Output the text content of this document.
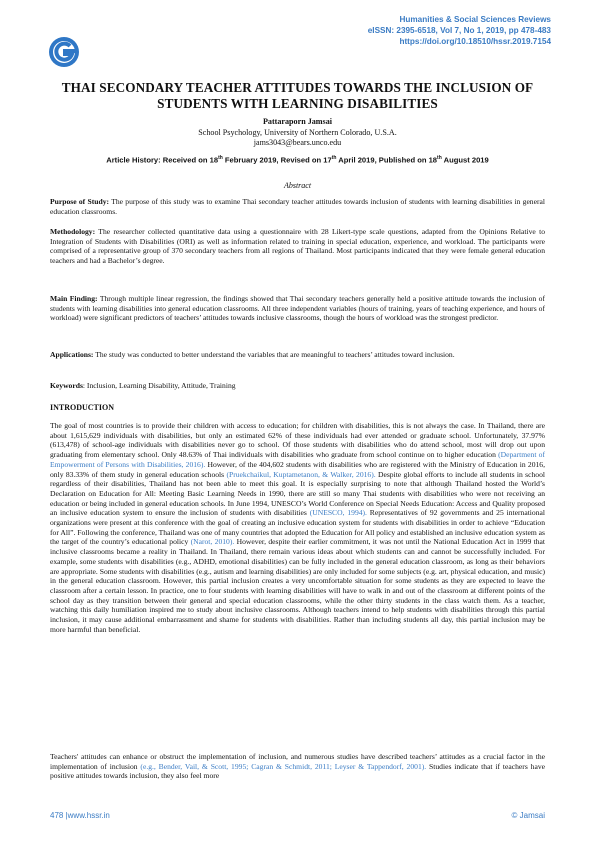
Humanities & Social Sciences Reviews
eISSN: 2395-6518, Vol 7, No 1, 2019, pp 478-483
https://doi.org/10.18510/hssr.2019.7154
THAI SECONDARY TEACHER ATTITUDES TOWARDS THE INCLUSION OF STUDENTS WITH LEARNING DISABILITIES
Pattaraporn Jamsai
School Psychology, University of Northern Colorado, U.S.A.
jams3043@bears.unco.edu
Article History: Received on 18th February 2019, Revised on 17th April 2019, Published on 18th August 2019
Abstract
Purpose of Study: The purpose of this study was to examine Thai secondary teacher attitudes towards inclusion of students with learning disabilities in general education classrooms.
Methodology: The researcher collected quantitative data using a questionnaire with 28 Likert-type scale questions, adapted from the Opinions Relative to Integration of Students with Disabilities (ORI) as well as information related to training in special education, experience, and workload. The participants were comprised of a representative group of 370 secondary teachers from all regions of Thailand. Most participants indicated that they were female general education teachers and had a Bachelor’s degree.
Main Finding: Through multiple linear regression, the findings showed that Thai secondary teachers generally held a positive attitude towards the inclusion of students with learning disabilities into general education classrooms. All three independent variables (hours of training, years of teaching experience, and hours of workload) were significant predictors of teachers’ attitudes towards inclusive classrooms, though the hours of workload was the strongest predictor.
Applications: The study was conducted to better understand the variables that are meaningful to teachers’ attitudes toward inclusion.
Keywords: Inclusion, Learning Disability, Attitude, Training
INTRODUCTION
The goal of most countries is to provide their children with access to education; for children with disabilities, this is not always the case. In Thailand, there are about 1,615,629 individuals with disabilities, but only an estimated 62% of these individuals had ever attended or graduate school. Unfortunately, 37.97% (613,478) of school-age individuals with disabilities never go to school. Of those students with disabilities who do attend school, most will drop out upon graduating from elementary school. Only 48.63% of Thai individuals with disabilities who graduate from school continue on to higher education (Department of Empowerment of Persons with Disabilities, 2016). However, of the 404,602 students with disabilities who are registered with the Ministry of Education in 2016, only 83.33% of them study in general education schools (Pruekchaikul, Kuptametanon, & Walker, 2016). Despite global efforts to include all students in school regardless of their disabilities, Thailand has not been able to meet this goal. It is especially surprising to note that although Thailand hosted the World’s Declaration on Education for All: Meeting Basic Learning Needs in 1990, there are still so many Thai students with disabilities who were not receiving an education or being included in general education schools. In June 1994, UNESCO’s World Conference on Special Needs Education: Access and Quality proposed an inclusive education system to ensure the inclusion of students with disabilities (UNESCO, 1994). Representatives of 92 governments and 25 international organizations were present at this conference with the goal of creating an inclusive education system for students with disabilities in order to achieve “Education for All”. Following the conference, Thailand was one of many countries that adopted the Education for All policy and established an inclusive education system as the target of the country’s educational policy (Narot, 2010). However, despite their earlier commitment, it was not until the National Education Act in 1999 that inclusive classrooms became a reality in Thailand. In Thailand, there remain various ideas about which students can and cannot be successfully included. For example, some students with disabilities (e.g., ADHD, emotional disabilities) can be fully included in the general education classroom, as long as their behaviors are appropriate. Some students with disabilities (e.g., autism and learning disabilities) are only included for some subjects (e.g. art, physical education, and music) in the general education classroom. However, this partial inclusion creates a very uncomfortable situation for some students as they are expected to leave the classroom after a certain lesson. In practice, one to four students with learning disabilities will have to walk in and out of the classroom at different points of the school day as they transition between their general and special education classrooms, while the other thirty students in the class watch them. As a teacher, watching this daily humiliation inspired me to study about inclusive classrooms. Although teachers intend to help students with disabilities through this partial inclusion, it may cause additional embarrassment and shame for students with disabilities. Rather than including students all day, this partial inclusion may be more harmful than beneficial.
Teachers' attitudes can enhance or obstruct the implementation of inclusion, and numerous studies have described teachers’ attitudes as a crucial factor in the implementation of inclusion (e.g., Bender, Vail, & Scott, 1995; Cagran & Schmidt, 2011; Leyser & Tappendorf, 2001). Studies indicate that if teachers have positive attitudes towards inclusion, they also feel more
478 |www.hssr.in	© Jamsai
